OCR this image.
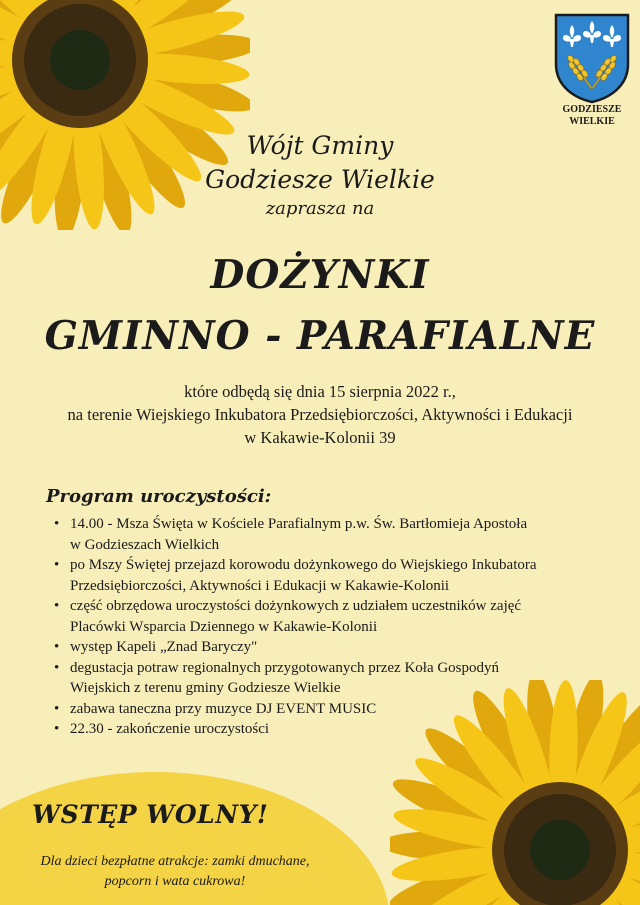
GODZIESZE
WIELKIE
Wójt Gminy
Godziesze Wielkie
zaprasza na
DOŻYNKI
GMINNO - PARAFIALNE
które odbędą się dnia 15 sierpnia 2022 r.,
na terenie Wiejskiego Inkubatora Przedsiębiorczości, Aktywności i Edukacji
w Kakawie-Kolonii 39
Program uroczystości:
• 14.00 - Msza Święta w Kościele Parafialnym p.w. Św. Bartłomieja Apostoła
w Godzieszach Wielkich
• po Mszy Świętej przejazd korowodu dożynkowego do Wiejskiego Inkubatora
Przedsiębiorczości, Aktywności i Edukacji w Kakawie-Kolonii
• część obrzędowa uroczystości dożynkowych z udziałem uczestników zajęć
Placówki Wsparcia Dziennego w Kakawie-Kolonii
• występ Kapeli „Znad Baryczy"
• degustacja potraw regionalnych przygotowanych przez Koła Gospodyń
Wiejskich z terenu gminy Godziesze Wielkie
• zabawa taneczna przy muzyce DJ EVENT MUSIC
• 22.30 - zakończenie uroczystości
WSTĘP WOLNY!
Dla dzieci bezpłatne atrakcje: zamki dmuchane,
popcorn i wata cukrowa!
